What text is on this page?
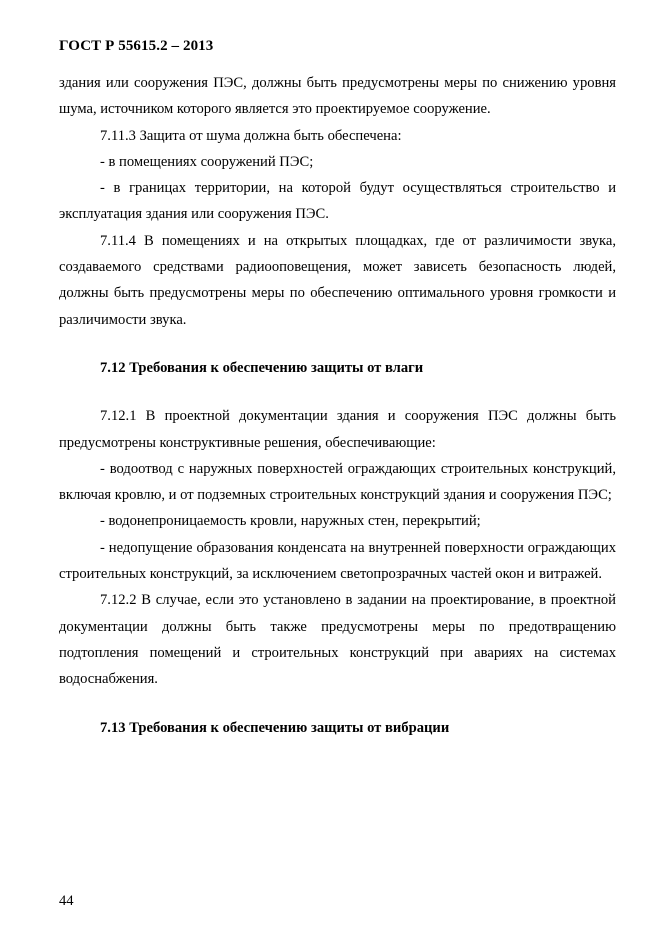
ГОСТ Р 55615.2 – 2013

здания или сооружения ПЭС, должны быть предусмотрены меры по снижению уровня шума, источником которого является это проектируемое сооружение.

7.11.3 Защита от шума должна быть обеспечена:

- в помещениях сооружений ПЭС;

- в границах территории, на которой будут осуществляться строительство и эксплуатация здания или сооружения ПЭС.

7.11.4 В помещениях и на открытых площадках, где от различимости звука, создаваемого средствами радиооповещения, может зависеть безопасность людей, должны быть предусмотрены меры по обеспечению оптимального уровня громкости и различимости звука.

7.12 Требования к обеспечению защиты от влаги

7.12.1 В проектной документации здания и сооружения ПЭС должны быть предусмотрены конструктивные решения, обеспечивающие:

- водоотвод с наружных поверхностей ограждающих строительных конструкций, включая кровлю, и от подземных строительных конструкций здания и сооружения ПЭС;

- водонепроницаемость кровли, наружных стен, перекрытий;

- недопущение образования конденсата на внутренней поверхности ограждающих строительных конструкций, за исключением светопрозрачных частей окон и витражей.

7.12.2 В случае, если это установлено в задании на проектирование, в проектной документации должны быть также предусмотрены меры по предотвращению подтопления помещений и строительных конструкций при авариях на системах водоснабжения.

7.13 Требования к обеспечению защиты от вибрации
44
